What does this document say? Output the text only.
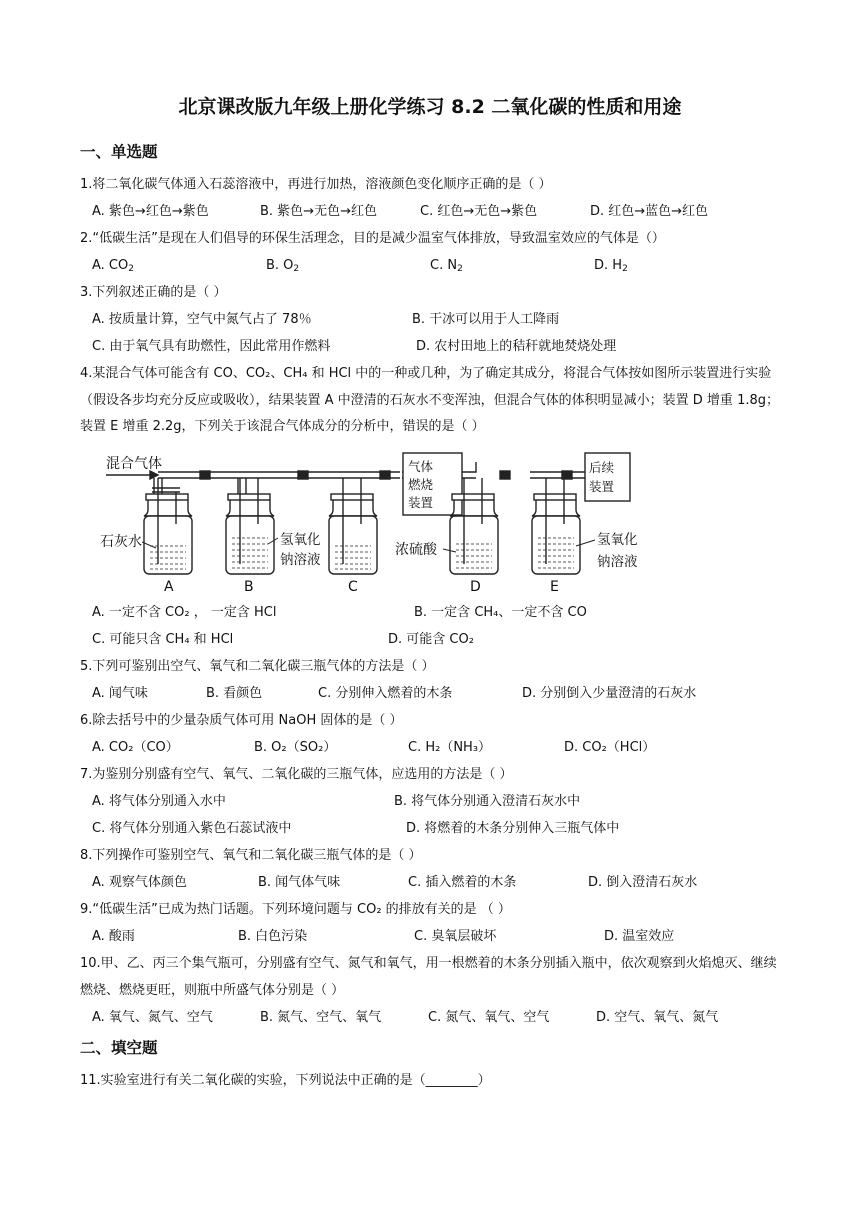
北京课改版九年级上册化学练习 8.2 二氧化碳的性质和用途
一、单选题
1.将二氧化碳气体通入石蕊溶液中，再进行加热，溶液颜色变化顺序正确的是（ ）
A. 紫色→红色→紫色	B. 紫色→无色→红色	C. 红色→无色→紫色	D. 红色→蓝色→红色
2.“低碳生活”是现在人们倡导的环保生活理念，目的是减少温室气体排放，导致温室效应的气体是（）
A. $CO_2$	B. $O_2$	C. $N_2$	D. $H_2$
3.下列叙述正确的是（ ）
A. 按质量计算，空气中氮气占了 78％	B. 干冰可以用于人工降雨
C. 由于氧气具有助燃性，因此常用作燃料	D. 农村田地上的秸秆就地焚烧处理
4.某混合气体可能含有 CO、CO₂、CH₄ 和 HCl 中的一种或几种，为了确定其成分，将混合气体按如图所示装置进行实验（假设各步均充分反应或吸收），结果装置 A 中澄清的石灰水不变浑浊，但混合气体的体积明显减小；装置 D 增重 1.8g；装置 E 增重 2.2g，下列关于该混合气体成分的分析中，错误的是（ ）
混合气体	气体
燃烧
装置
后续
装置
石灰水	氢氧化
钠溶液
浓硫酸
氢氧化
钠溶液
A	B	C	D	E
A. 一定不含 CO₂ ， 一定含 HCl	B. 一定含 CH₄、一定不含 CO
C. 可能只含 CH₄ 和 HCl	D. 可能含 CO₂
5.下列可鉴别出空气、氧气和二氧化碳三瓶气体的方法是（ ）
A. 闻气味	B. 看颜色	C. 分别伸入燃着的木条	D. 分别倒入少量澄清的石灰水
6.除去括号中的少量杂质气体可用 NaOH 固体的是（ ）
A. CO₂（CO）	B. O₂（SO₂）	C. H₂（NH₃）	D. CO₂（HCl）
7.为鉴别分别盛有空气、氧气、二氧化碳的三瓶气体，应选用的方法是（ ）
A. 将气体分别通入水中	B. 将气体分别通入澄清石灰水中
C. 将气体分别通入紫色石蕊试液中	D. 将燃着的木条分别伸入三瓶气体中
8.下列操作可鉴别空气、氧气和二氧化碳三瓶气体的是（ ）
A. 观察气体颜色	B. 闻气体气味	C. 插入燃着的木条	D. 倒入澄清石灰水
9.“低碳生活”已成为热门话题。下列环境问题与 CO₂ 的排放有关的是 （ ）
A. 酸雨	B. 白色污染	C. 臭氧层破坏	D. 温室效应
10.甲、乙、丙三个集气瓶可，分别盛有空气、氮气和氧气，用一根燃着的木条分别插入瓶中，依次观察到火焰熄灭、继续燃烧、燃烧更旺，则瓶中所盛气体分别是（ ）
A. 氧气、氮气、空气	B. 氮气、空气、氧气	C. 氮气、氧气、空气	D. 空气、氧气、氮气
二、填空题
11.实验室进行有关二氧化碳的实验，下列说法中正确的是（________）
